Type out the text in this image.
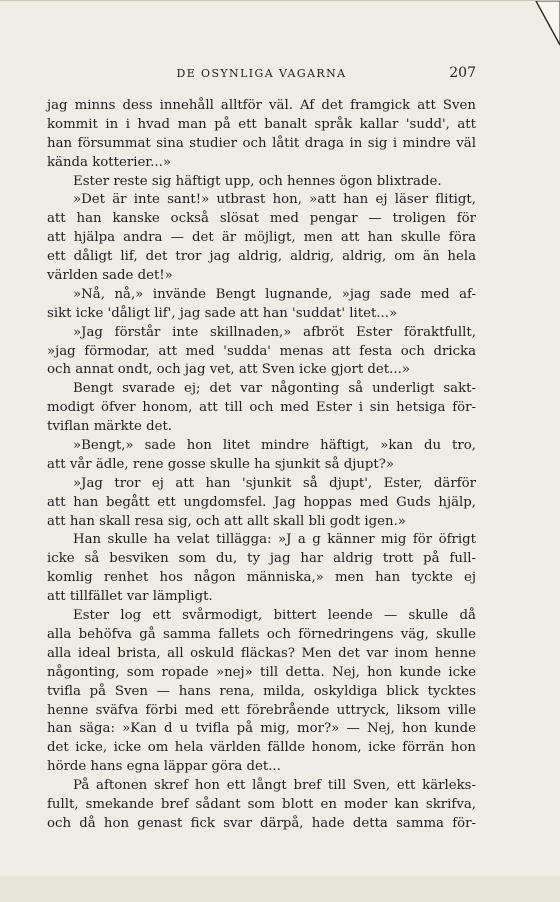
DE OSYNLIGA VAGARNA	207
jag minns dess innehåll alltför väl. Af det framgick att Sven
kommit in i hvad man på ett banalt språk kallar 'sudd', att
han försummat sina studier och låtit draga in sig i mindre väl
kända kotterier...»
Ester reste sig häftigt upp, och hennes ögon blixtrade.
»Det är inte sant!» utbrast hon, »att han ej läser flitigt,
att han kanske också slösat med pengar — troligen för
att hjälpa andra — det är möjligt, men att han skulle föra
ett dåligt lif, det tror jag aldrig, aldrig, aldrig, om än hela
världen sade det!»
»Nå, nå,» invände Bengt lugnande, »jag sade med af-
sikt icke 'dåligt lif', jag sade att han 'suddat' litet...»
»Jag förstår inte skillnaden,» afbröt Ester föraktfullt,
»jag förmodar, att med 'sudda' menas att festa och dricka
och annat ondt, och jag vet, att Sven icke gjort det...»
Bengt svarade ej; det var någonting så underligt sakt-
modigt öfver honom, att till och med Ester i sin hetsiga för-
tviflan märkte det.
»Bengt,» sade hon litet mindre häftigt, »kan du tro,
att vår ädle, rene gosse skulle ha sjunkit så djupt?»
»Jag tror ej att han 'sjunkit så djupt', Ester, därför
att han begått ett ungdomsfel. Jag hoppas med Guds hjälp,
att han skall resa sig, och att allt skall bli godt igen.»
Han skulle ha velat tillägga: »J a g känner mig för öfrigt
icke så besviken som du, ty jag har aldrig trott på full-
komlig renhet hos någon människa,» men han tyckte ej
att tillfället var lämpligt.
Ester log ett svårmodigt, bittert leende — skulle då
alla behöfva gå samma fallets och förnedringens väg, skulle
alla ideal brista, all oskuld fläckas? Men det var inom henne
någonting, som ropade »nej» till detta. Nej, hon kunde icke
tvifla på Sven — hans rena, milda, oskyldiga blick tycktes
henne sväfva förbi med ett förebrående uttryck, liksom ville
han säga: »Kan d u tvifla på mig, mor?» — Nej, hon kunde
det icke, icke om hela världen fällde honom, icke förrän hon
hörde hans egna läppar göra det...
På aftonen skref hon ett långt bref till Sven, ett kärleks-
fullt, smekande bref sådant som blott en moder kan skrifva,
och då hon genast fick svar därpå, hade detta samma för-
